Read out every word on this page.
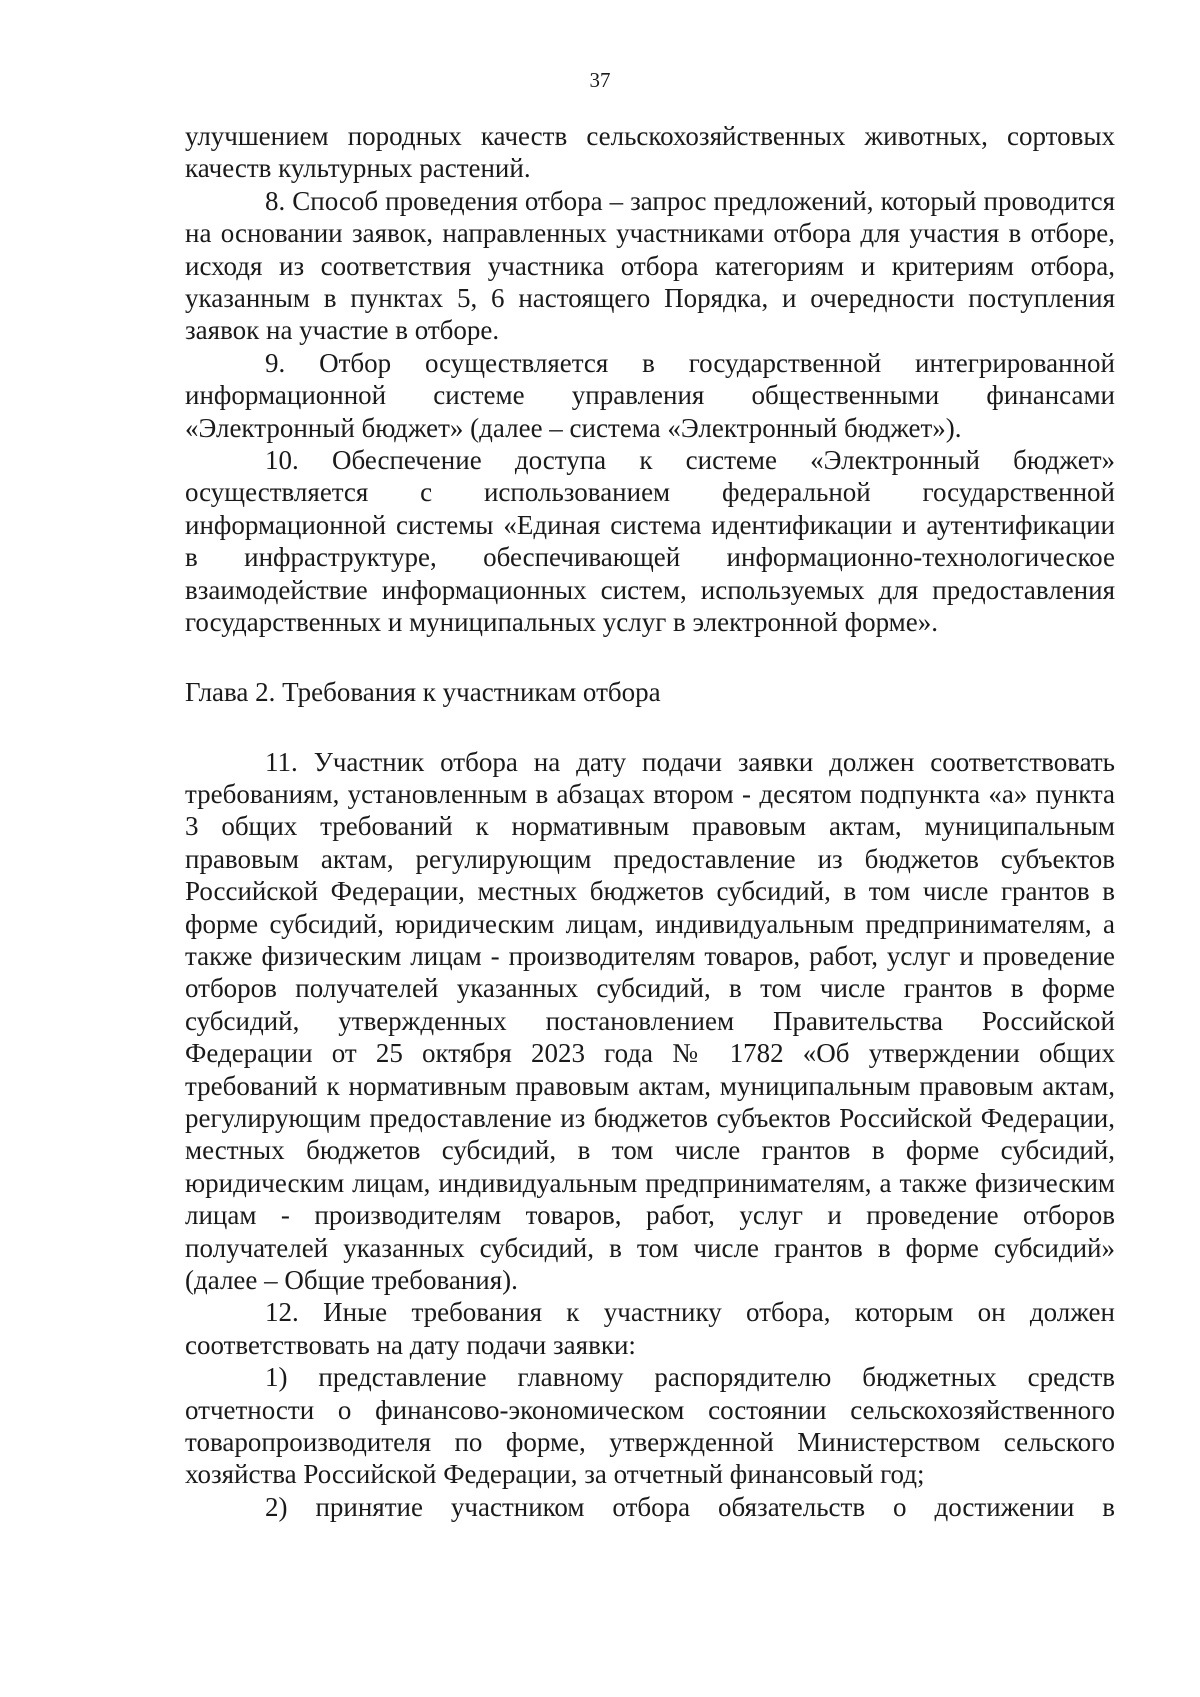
37

улучшением породных качеств сельскохозяйственных животных, сортовых качеств культурных растений.

8. Способ проведения отбора – запрос предложений, который проводится на основании заявок, направленных участниками отбора для участия в отборе, исходя из соответствия участника отбора категориям и критериям отбора, указанным в пунктах 5, 6 настоящего Порядка, и очередности поступления заявок на участие в отборе.

9. Отбор осуществляется в государственной интегрированной информационной системе управления общественными финансами «Электронный бюджет» (далее – система «Электронный бюджет»).

10. Обеспечение доступа к системе «Электронный бюджет» осуществляется с использованием федеральной государственной информационной системы «Единая система идентификации и аутентификации в инфраструктуре, обеспечивающей информационно-технологическое взаимодействие информационных систем, используемых для предоставления государственных и муниципальных услуг в электронной форме».

Глава 2. Требования к участникам отбора

11. Участник отбора на дату подачи заявки должен соответствовать требованиям, установленным в абзацах втором - десятом подпункта «а» пункта 3 общих требований к нормативным правовым актам, муниципальным правовым актам, регулирующим предоставление из бюджетов субъектов Российской Федерации, местных бюджетов субсидий, в том числе грантов в форме субсидий, юридическим лицам, индивидуальным предпринимателям, а также физическим лицам - производителям товаров, работ, услуг и проведение отборов получателей указанных субсидий, в том числе грантов в форме субсидий, утвержденных постановлением Правительства Российской Федерации от 25 октября 2023 года № 1782 «Об утверждении общих требований к нормативным правовым актам, муниципальным правовым актам, регулирующим предоставление из бюджетов субъектов Российской Федерации, местных бюджетов субсидий, в том числе грантов в форме субсидий, юридическим лицам, индивидуальным предпринимателям, а также физическим лицам - производителям товаров, работ, услуг и проведение отборов получателей указанных субсидий, в том числе грантов в форме субсидий» (далее – Общие требования).

12. Иные требования к участнику отбора, которым он должен соответствовать на дату подачи заявки:

1) представление главному распорядителю бюджетных средств отчетности о финансово-экономическом состоянии сельскохозяйственного товаропроизводителя по форме, утвержденной Министерством сельского хозяйства Российской Федерации, за отчетный финансовый год;

2) принятие участником отбора обязательств о достижении в
